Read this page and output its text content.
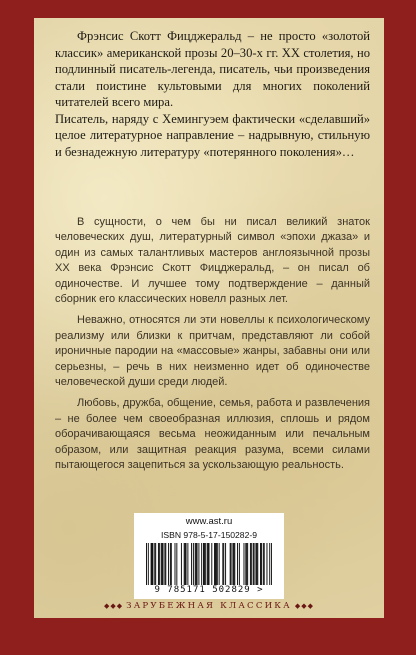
Фрэнсис Скотт Фицджеральд – не просто «золотой классик» американской прозы 20–30-х гг. XX столетия, но подлинный писатель-легенда, писатель, чьи произведения стали поистине культовыми для многих поколений читателей всего мира.

Писатель, наряду с Хемингуэем фактически «сделавший» целое литературное направление – надрывную, стильную и безнадежную литературу «потерянного поколения»…

В сущности, о чем бы ни писал великий знаток человеческих душ, литературный символ «эпохи джаза» и один из самых талантливых мастеров англоязычной прозы XX века Фрэнсис Скотт Фицджеральд, – он писал об одиночестве. И лучшее тому подтверждение – данный сборник его классических новелл разных лет.

Неважно, относятся ли эти новеллы к психологическому реализму или близки к притчам, представляют ли собой ироничные пародии на «массовые» жанры, забавны они или серьезны, – речь в них неизменно идет об одиночестве человеческой души среди людей.

Любовь, дружба, общение, семья, работа и развлечения – не более чем своеобразная иллюзия, сплошь и рядом оборачивающаяся весьма неожиданным или печальным образом, или защитная реакция разума, всеми силами пытающегося зацепиться за ускользающую реальность.

www.ast.ru
ISBN 978-5-17-150282-9
9 785171 502829 >
◆◆◆ ЗАРУБЕЖНАЯ КЛАССИКА ◆◆◆
